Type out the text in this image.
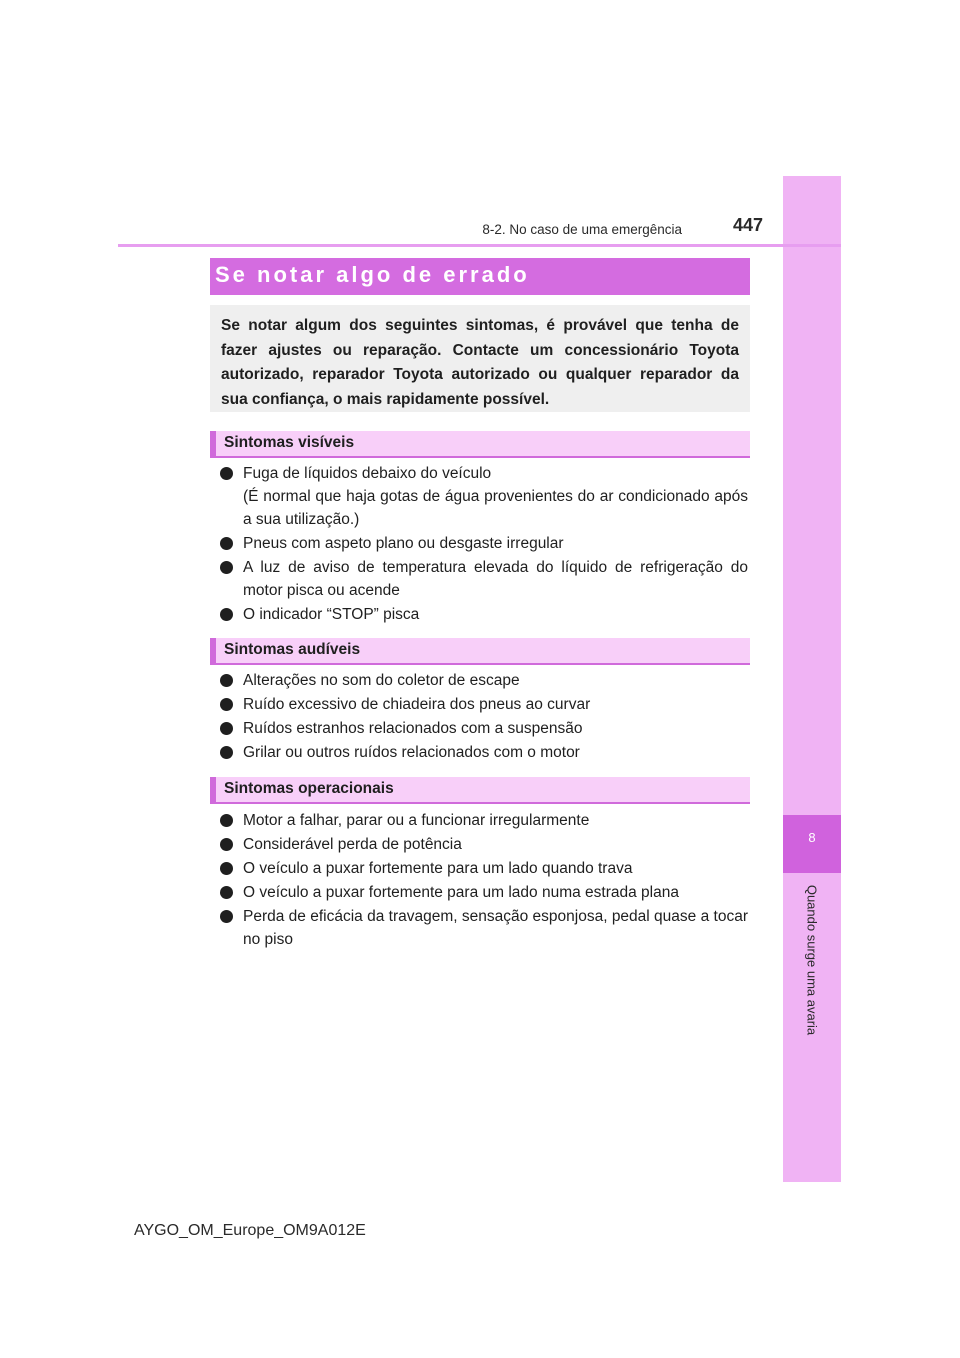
8
Quando surge uma avaria
8-2. No caso de uma emergência	447
Se notar algo de errado
Se notar algum dos seguintes sintomas, é provável que tenha de fazer ajustes ou reparação. Contacte um concessionário Toyota autorizado, reparador Toyota autorizado ou qualquer reparador da sua confiança, o mais rapidamente possível.
Sintomas visíveis
Fuga de líquidos debaixo do veículo
(É normal que haja gotas de água provenientes do ar condicionado após a sua utilização.)
Pneus com aspeto plano ou desgaste irregular
A luz de aviso de temperatura elevada do líquido de refrigeração do motor pisca ou acende
O indicador “STOP” pisca
Sintomas audíveis
Alterações no som do coletor de escape
Ruído excessivo de chiadeira dos pneus ao curvar
Ruídos estranhos relacionados com a suspensão
Grilar ou outros ruídos relacionados com o motor
Sintomas operacionais
Motor a falhar, parar ou a funcionar irregularmente
Considerável perda de potência
O veículo a puxar fortemente para um lado quando trava
O veículo a puxar fortemente para um lado numa estrada plana
Perda de eficácia da travagem, sensação esponjosa, pedal quase a tocar no piso
AYGO_OM_Europe_OM9A012E
